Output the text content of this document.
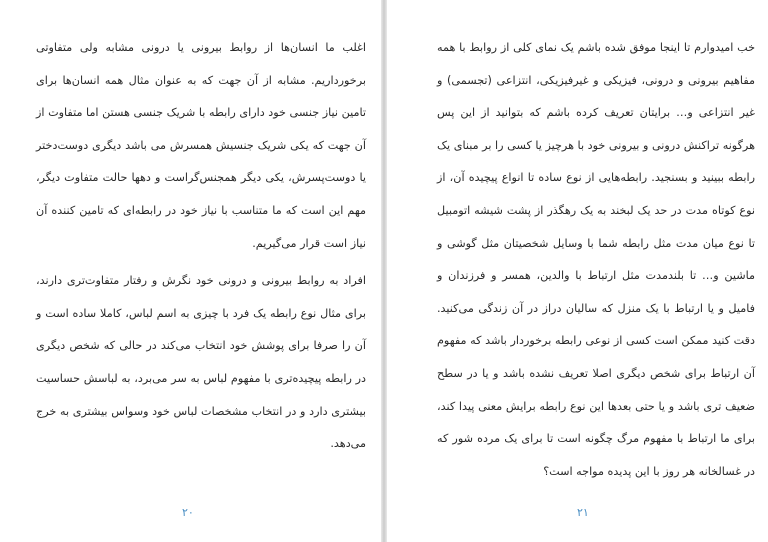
اغلب ما انسان‌ها از روابط بیرونی یا درونی مشابه ولی متفاوتی برخورداریم. مشابه از آن جهت که به عنوان مثال همه انسان‌ها برای تامین نیاز جنسی خود دارای رابطه با شریک جنسی هستن اما متفاوت از آن جهت که یکی شریک جنسیش همسرش می باشد دیگری دوست‌دختر یا دوست‌پسرش، یکی دیگر همجنس‌گراست و دهها حالت متفاوت دیگر، مهم این است که ما متناسب با نیاز خود در رابطه‌ای که تامین کننده آن نیاز است قرار می‌گیریم.
افراد به روابط بیرونی و درونی خود نگرش و رفتار متفاوت‌تری دارند، برای مثال نوع رابطه یک فرد با چیزی به اسم لباس، کاملا ساده است و آن را صرفا برای پوشش خود انتخاب می‌کند در حالی که شخص دیگری در رابطه پیچیده‌تری با مفهوم لباس به سر می‌برد، به لباسش حساسیت بیشتری دارد و در انتخاب مشخصات لباس خود وسواس بیشتری به خرج می‌دهد.
۲۰
خب امیدوارم تا اینجا موفق شده باشم یک نمای کلی از روابط با همه مفاهیم بیرونی و درونی، فیزیکی و غیرفیزیکی، انتزاعی (تجسمی) و غیر انتزاعی و… برایتان تعریف کرده باشم که بتوانید از این پس هرگونه تراکنش درونی و بیرونی خود با هرچیز یا کسی را بر مبنای یک رابطه ببینید و بسنجید. رابطه‌هایی از نوع ساده تا انواع پیچیده آن، از نوع کوتاه مدت در حد یک لبخند به یک رهگذر از پشت شیشه اتومبیل تا نوع میان مدت مثل رابطه شما با وسایل شخصیتان مثل گوشی و ماشین و… تا بلندمدت مثل ارتباط با والدین، همسر و فرزندان و فامیل و یا ارتباط با یک منزل که سالیان دراز در آن زندگی می‌کنید. دقت کنید ممکن است کسی از نوعی رابطه برخوردار باشد که مفهوم آن ارتباط برای شخص دیگری اصلا تعریف نشده باشد و یا در سطح ضعیف تری باشد و یا حتی بعدها این نوع رابطه برایش معنی پیدا کند، برای ما ارتباط با مفهوم مرگ چگونه است تا برای یک مرده شور که در غسالخانه هر روز با این پدیده مواجه است؟
۲۱
